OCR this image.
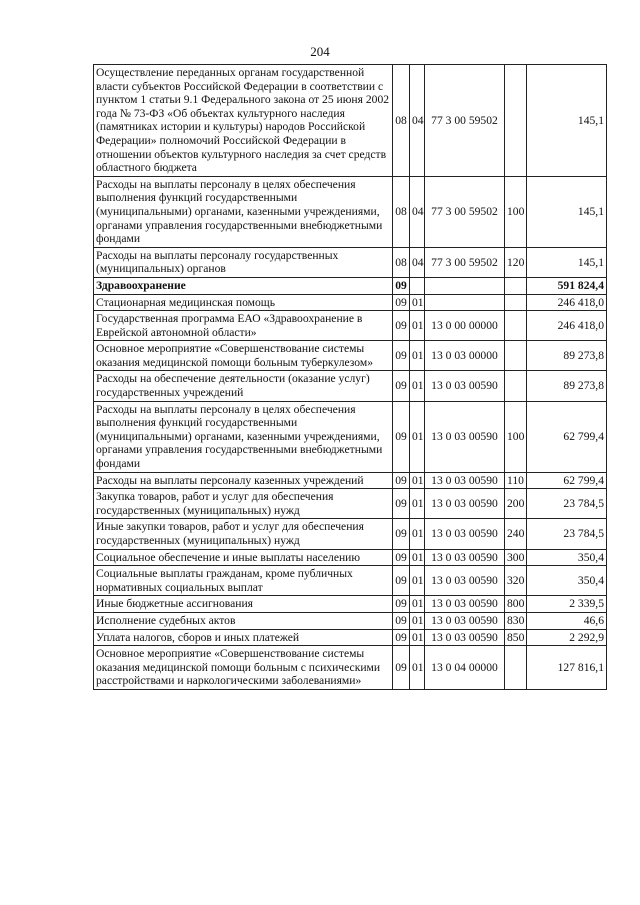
204
Осуществление переданных органам государственной власти субъектов Российской Федерации в соответствии с пунктом 1 статьи 9.1 Федерального закона от 25 июня 2002 года № 73-ФЗ «Об объектах культурного наследия (памятниках истории и культуры) народов Российской Федерации» полномочий Российской Федерации в отношении объектов культурного наследия за счет средств областного бюджета	08	04	77 3 00 59502		145,1
Расходы на выплаты персоналу в целях обеспечения выполнения функций государственными (муниципальными) органами, казенными учреждениями, органами управления государственными внебюджетными фондами	08	04	77 3 00 59502	100	145,1
Расходы на выплаты персоналу государственных (муниципальных) органов	08	04	77 3 00 59502	120	145,1
Здравоохранение	09				591 824,4
Стационарная медицинская помощь	09	01			246 418,0
Государственная программа ЕАО «Здравоохранение в Еврейской автономной области»	09	01	13 0 00 00000		246 418,0
Основное мероприятие «Совершенствование системы оказания медицинской помощи больным туберкулезом»	09	01	13 0 03 00000		89 273,8
Расходы на обеспечение деятельности (оказание услуг) государственных учреждений	09	01	13 0 03 00590		89 273,8
Расходы на выплаты персоналу в целях обеспечения выполнения функций государственными (муниципальными) органами, казенными учреждениями, органами управления государственными внебюджетными фондами	09	01	13 0 03 00590	100	62 799,4
Расходы на выплаты персоналу казенных учреждений	09	01	13 0 03 00590	110	62 799,4
Закупка товаров, работ и услуг для обеспечения государственных (муниципальных) нужд	09	01	13 0 03 00590	200	23 784,5
Иные закупки товаров, работ и услуг для обеспечения государственных (муниципальных) нужд	09	01	13 0 03 00590	240	23 784,5
Социальное обеспечение и иные выплаты населению	09	01	13 0 03 00590	300	350,4
Социальные выплаты гражданам, кроме публичных нормативных социальных выплат	09	01	13 0 03 00590	320	350,4
Иные бюджетные ассигнования	09	01	13 0 03 00590	800	2 339,5
Исполнение судебных актов	09	01	13 0 03 00590	830	46,6
Уплата налогов, сборов и иных платежей	09	01	13 0 03 00590	850	2 292,9
Основное мероприятие «Совершенствование системы оказания медицинской помощи больным с психическими расстройствами и наркологическими заболеваниями»	09	01	13 0 04 00000		127 816,1
